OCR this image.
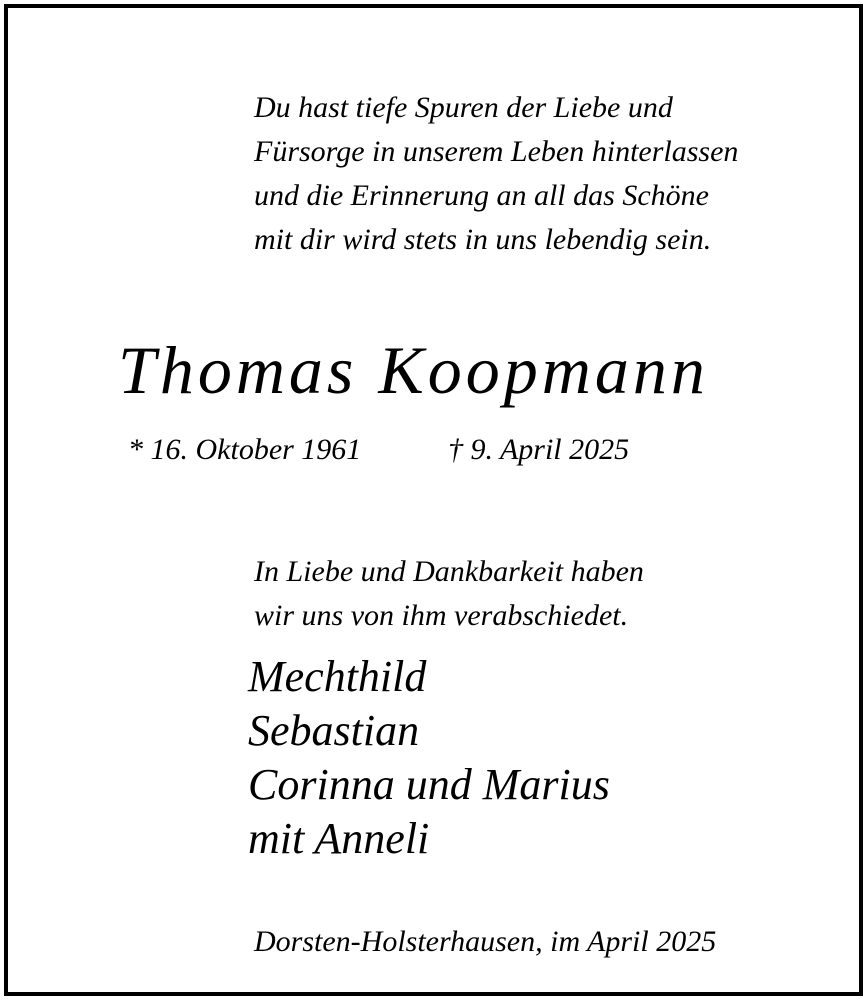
Du hast tiefe Spuren der Liebe und
Fürsorge in unserem Leben hinterlassen
und die Erinnerung an all das Schöne
mit dir wird stets in uns lebendig sein.
Thomas Koopmann
* 16. Oktober 1961	† 9. April 2025
In Liebe und Dankbarkeit haben
wir uns von ihm verabschiedet.
Mechthild
Sebastian
Corinna und Marius
mit Anneli
Dorsten-Holsterhausen, im April 2025
